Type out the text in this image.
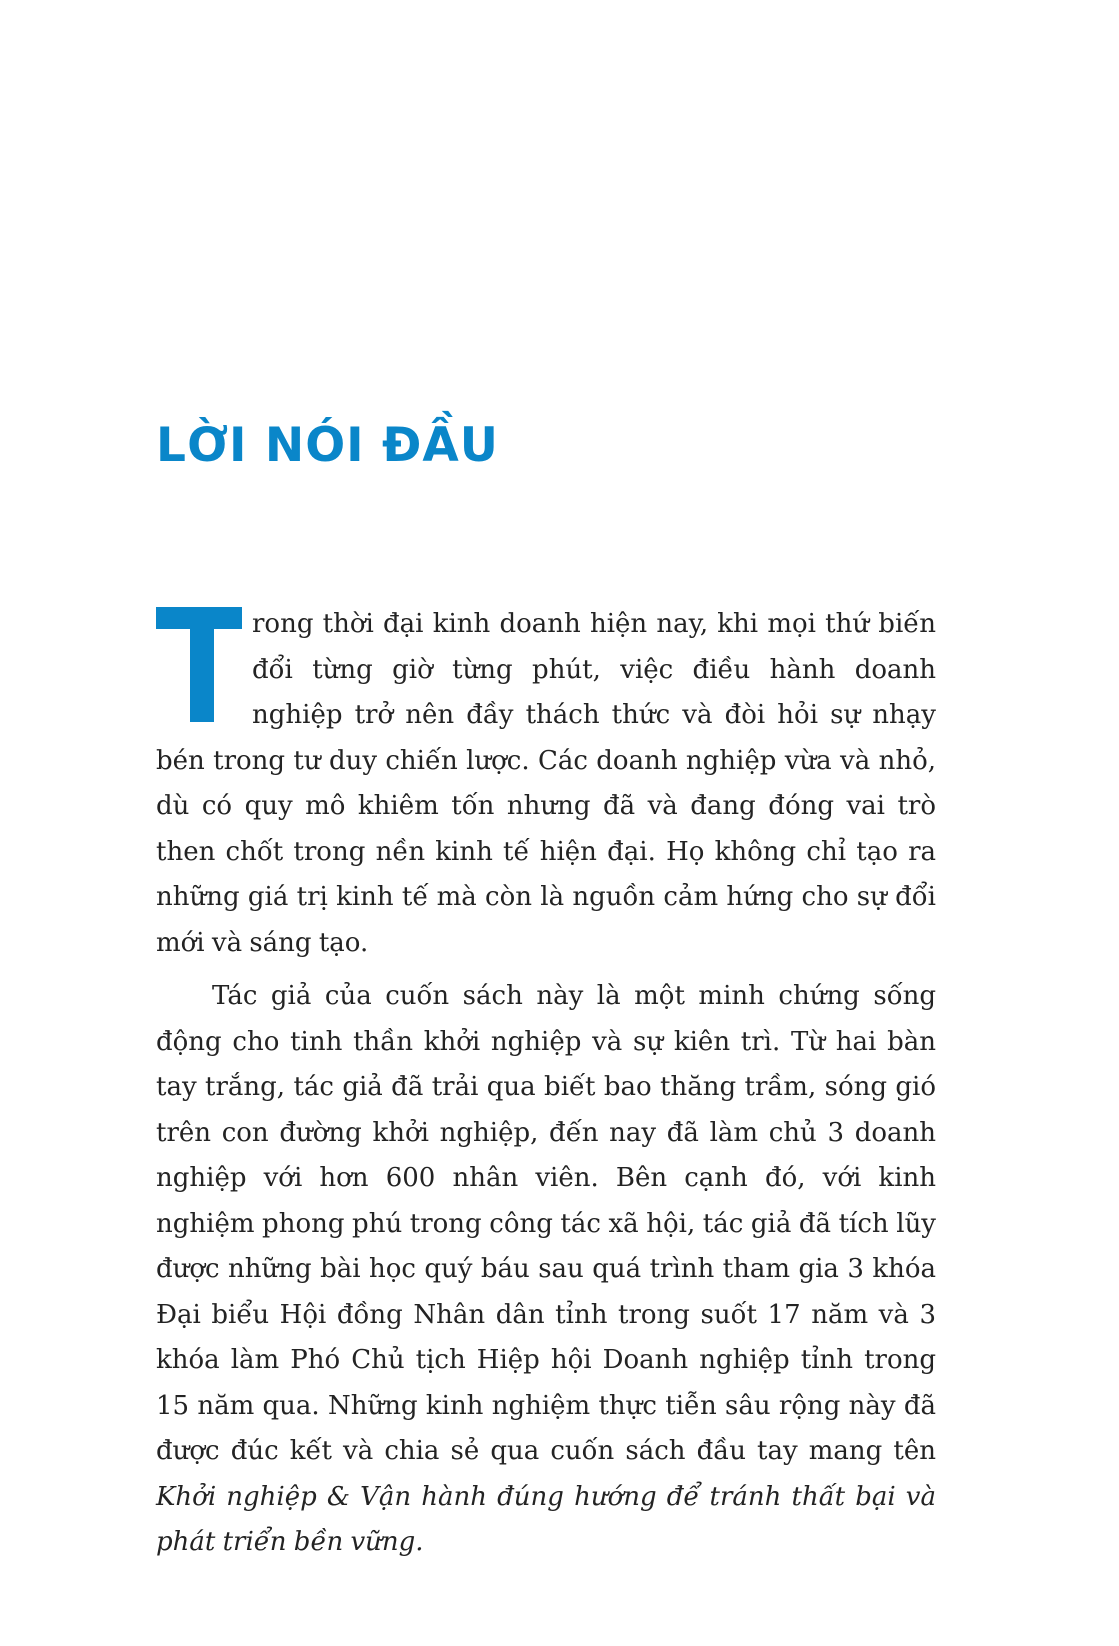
LỜI NÓI ĐẦU

rong thời đại kinh doanh hiện nay, khi mọi thứ biến đổi từng giờ từng phút, việc điều hành doanh nghiệp trở nên đầy thách thức và đòi hỏi sự nhạy bén trong tư duy chiến lược. Các doanh nghiệp vừa và nhỏ, dù có quy mô khiêm tốn nhưng đã và đang đóng vai trò then chốt trong nền kinh tế hiện đại. Họ không chỉ tạo ra những giá trị kinh tế mà còn là nguồn cảm hứng cho sự đổi mới và sáng tạo.

Tác giả của cuốn sách này là một minh chứng sống động cho tinh thần khởi nghiệp và sự kiên trì. Từ hai bàn tay trắng, tác giả đã trải qua biết bao thăng trầm, sóng gió trên con đường khởi nghiệp, đến nay đã làm chủ 3 doanh nghiệp với hơn 600 nhân viên. Bên cạnh đó, với kinh nghiệm phong phú trong công tác xã hội, tác giả đã tích lũy được những bài học quý báu sau quá trình tham gia 3 khóa Đại biểu Hội đồng Nhân dân tỉnh trong suốt 17 năm và 3 khóa làm Phó Chủ tịch Hiệp hội Doanh nghiệp tỉnh trong 15 năm qua. Những kinh nghiệm thực tiễn sâu rộng này đã được đúc kết và chia sẻ qua cuốn sách đầu tay mang tên Khởi nghiệp & Vận hành đúng hướng để tránh thất bại và phát triển bền vững.
